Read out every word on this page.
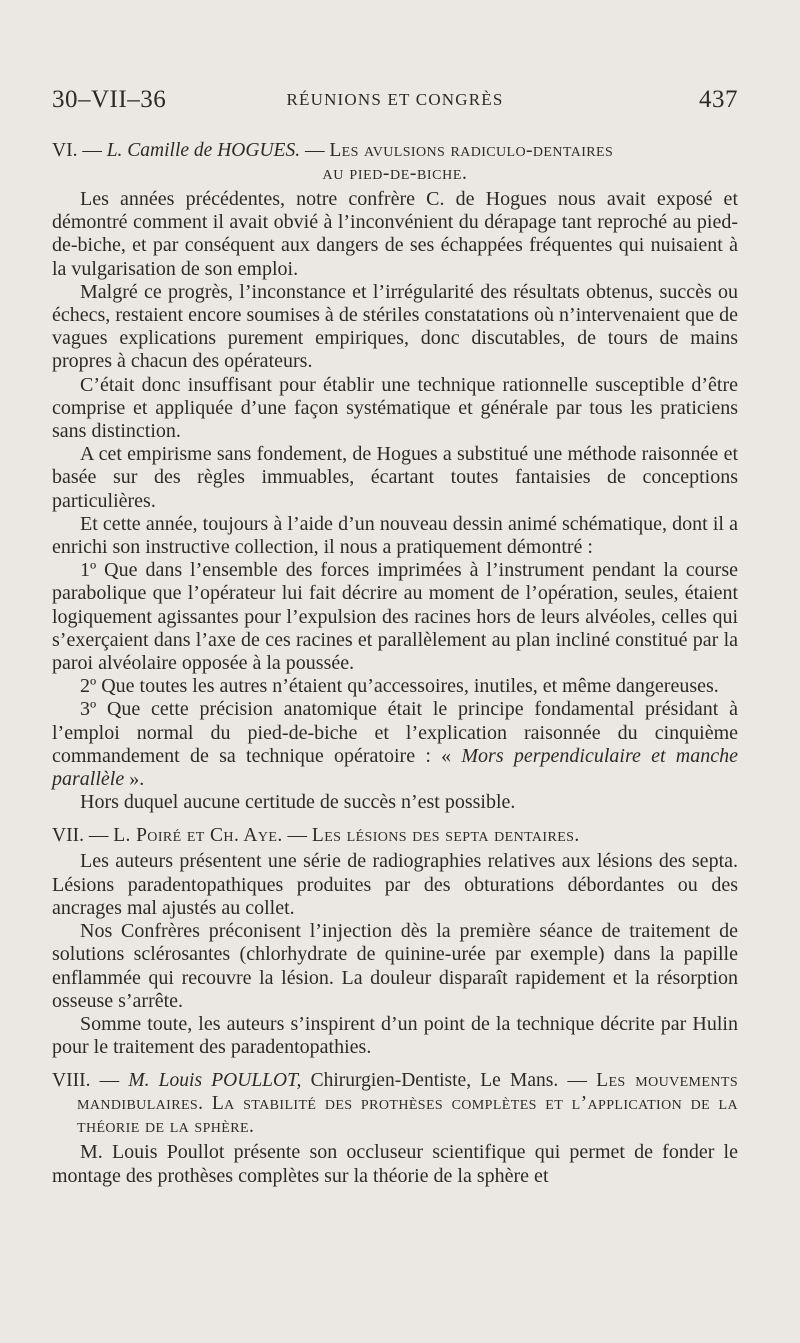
30–VII–36	RÉUNIONS ET CONGRÈS	437
VI. — L. Camille de HOGUES. — Les avulsions radiculo-dentaires
au pied-de-biche.

Les années précédentes, notre confrère C. de Hogues nous avait exposé et démontré comment il avait obvié à l’inconvénient du dérapage tant reproché au pied-de-biche, et par conséquent aux dangers de ses échappées fréquentes qui nuisaient à la vulgarisation de son emploi.

Malgré ce progrès, l’inconstance et l’irrégularité des résultats obtenus, succès ou échecs, restaient encore soumises à de stériles constatations où n’intervenaient que de vagues explications purement empiriques, donc discutables, de tours de mains propres à chacun des opérateurs.

C’était donc insuffisant pour établir une technique rationnelle susceptible d’être comprise et appliquée d’une façon systématique et générale par tous les praticiens sans distinction.

A cet empirisme sans fondement, de Hogues a substitué une méthode raisonnée et basée sur des règles immuables, écartant toutes fantaisies de conceptions particulières.

Et cette année, toujours à l’aide d’un nouveau dessin animé schématique, dont il a enrichi son instructive collection, il nous a pratiquement démontré :

1º Que dans l’ensemble des forces imprimées à l’instrument pendant la course parabolique que l’opérateur lui fait décrire au moment de l’opération, seules, étaient logiquement agissantes pour l’expulsion des racines hors de leurs alvéoles, celles qui s’exerçaient dans l’axe de ces racines et parallèlement au plan incliné constitué par la paroi alvéolaire opposée à la poussée.

2º Que toutes les autres n’étaient qu’accessoires, inutiles, et même dangereuses.

3º Que cette précision anatomique était le principe fondamental présidant à l’emploi normal du pied-de-biche et l’explication raisonnée du cinquième commandement de sa technique opératoire : « Mors perpendiculaire et manche parallèle ».

Hors duquel aucune certitude de succès n’est possible.

VII. — L. Poiré et Ch. Aye. — Les lésions des septa dentaires.

Les auteurs présentent une série de radiographies relatives aux lésions des septa. Lésions paradentopathiques produites par des obturations débordantes ou des ancrages mal ajustés au collet.

Nos Confrères préconisent l’injection dès la première séance de traitement de solutions sclérosantes (chlorhydrate de quinine-urée par exemple) dans la papille enflammée qui recouvre la lésion. La douleur disparaît rapidement et la résorption osseuse s’arrête.

Somme toute, les auteurs s’inspirent d’un point de la technique décrite par Hulin pour le traitement des paradentopathies.

VIII. — M. Louis POULLOT, Chirurgien-Dentiste, Le Mans. — Les mouvements mandibulaires. La stabilité des prothèses complètes et l’application de la théorie de la sphère.

M. Louis Poullot présente son occluseur scientifique qui permet de fonder le montage des prothèses complètes sur la théorie de la sphère et
